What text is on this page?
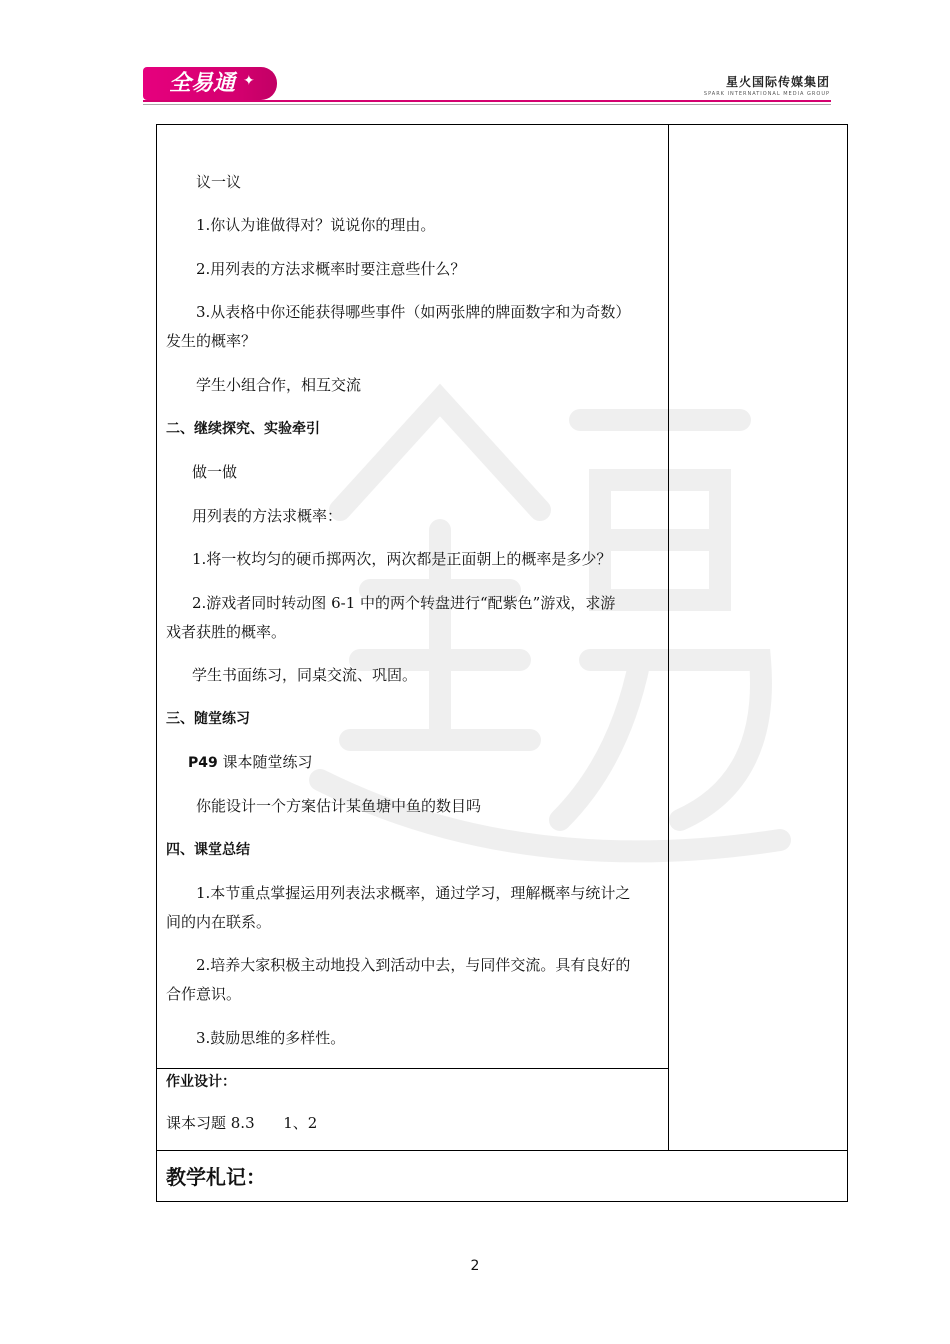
全易通 ✦	星火国际传媒集团
SPARK INTERNATIONAL MEDIA GROUP
议一议
1.你认为谁做得对？说说你的理由。
2.用列表的方法求概率时要注意些什么？
3.从表格中你还能获得哪些事件（如两张牌的牌面数字和为奇数）
发生的概率？
学生小组合作，相互交流
二、继续探究、实验牵引
做一做
用列表的方法求概率：
1.将一枚均匀的硬币掷两次，两次都是正面朝上的概率是多少？
2.游戏者同时转动图 6-1 中的两个转盘进行“配紫色”游戏，求游
戏者获胜的概率。
学生书面练习，同桌交流、巩固。
三、随堂练习
P49 课本随堂练习
你能设计一个方案估计某鱼塘中鱼的数目吗
四、课堂总结
1.本节重点掌握运用列表法求概率，通过学习，理解概率与统计之
间的内在联系。
2.培养大家积极主动地投入到活动中去，与同伴交流。具有良好的
合作意识。
3.鼓励思维的多样性。
作业设计：
课本习题 8.3      1、2
教学札记：
2
